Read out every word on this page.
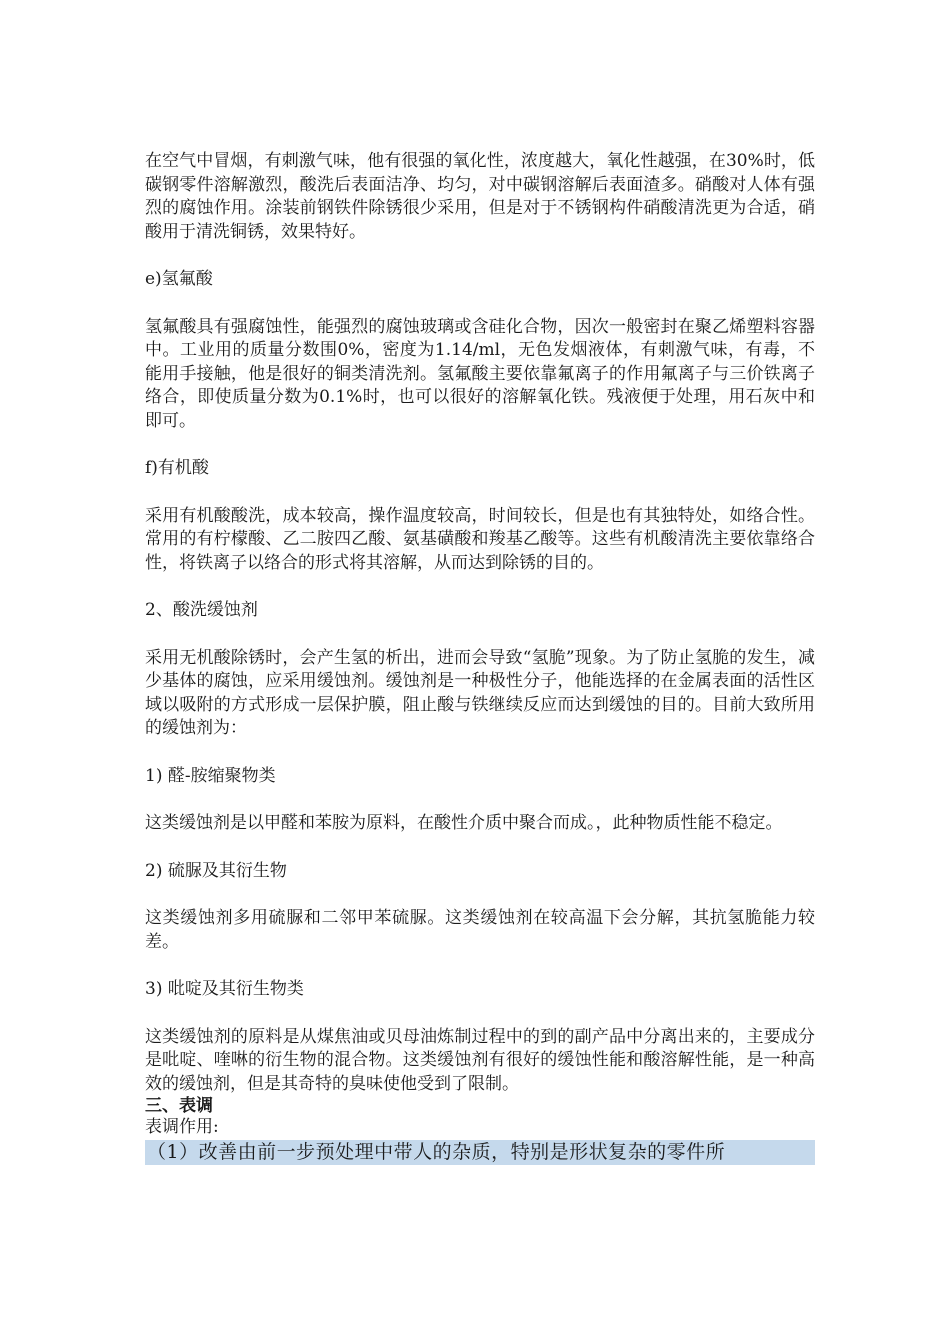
在空气中冒烟，有刺激气味，他有很强的氧化性，浓度越大，氧化性越强，在30%时，低碳钢零件溶解激烈，酸洗后表面洁净、均匀，对中碳钢溶解后表面渣多。硝酸对人体有强烈的腐蚀作用。涂装前钢铁件除锈很少采用，但是对于不锈钢构件硝酸清洗更为合适，硝酸用于清洗铜锈，效果特好。

e)氢氟酸

氢氟酸具有强腐蚀性，能强烈的腐蚀玻璃或含硅化合物，因次一般密封在聚乙烯塑料容器中。工业用的质量分数围0%，密度为1.14/ml，无色发烟液体，有刺激气味，有毒，不能用手接触，他是很好的铜类清洗剂。氢氟酸主要依靠氟离子的作用氟离子与三价铁离子络合，即使质量分数为0.1%时，也可以很好的溶解氧化铁。残液便于处理，用石灰中和即可。

f)有机酸

采用有机酸酸洗，成本较高，操作温度较高，时间较长，但是也有其独特处，如络合性。常用的有柠檬酸、乙二胺四乙酸、氨基磺酸和羧基乙酸等。这些有机酸清洗主要依靠络合性，将铁离子以络合的形式将其溶解，从而达到除锈的目的。

2、酸洗缓蚀剂

采用无机酸除锈时，会产生氢的析出，进而会导致“氢脆”现象。为了防止氢脆的发生，减少基体的腐蚀，应采用缓蚀剂。缓蚀剂是一种极性分子，他能选择的在金属表面的活性区域以吸附的方式形成一层保护膜，阻止酸与铁继续反应而达到缓蚀的目的。目前大致所用的缓蚀剂为：

1) 醛-胺缩聚物类

这类缓蚀剂是以甲醛和苯胺为原料，在酸性介质中聚合而成。，此种物质性能不稳定。

2) 硫脲及其衍生物

这类缓蚀剂多用硫脲和二邻甲苯硫脲。这类缓蚀剂在较高温下会分解，其抗氢脆能力较差。

3) 吡啶及其衍生物类

这类缓蚀剂的原料是从煤焦油或贝母油炼制过程中的到的副产品中分离出来的，主要成分是吡啶、喹啉的衍生物的混合物。这类缓蚀剂有很好的缓蚀性能和酸溶解性能，是一种高效的缓蚀剂，但是其奇特的臭味使他受到了限制。

三、表调

表调作用:

（1）改善由前一步预处理中带人的杂质，特别是形状复杂的零件所
